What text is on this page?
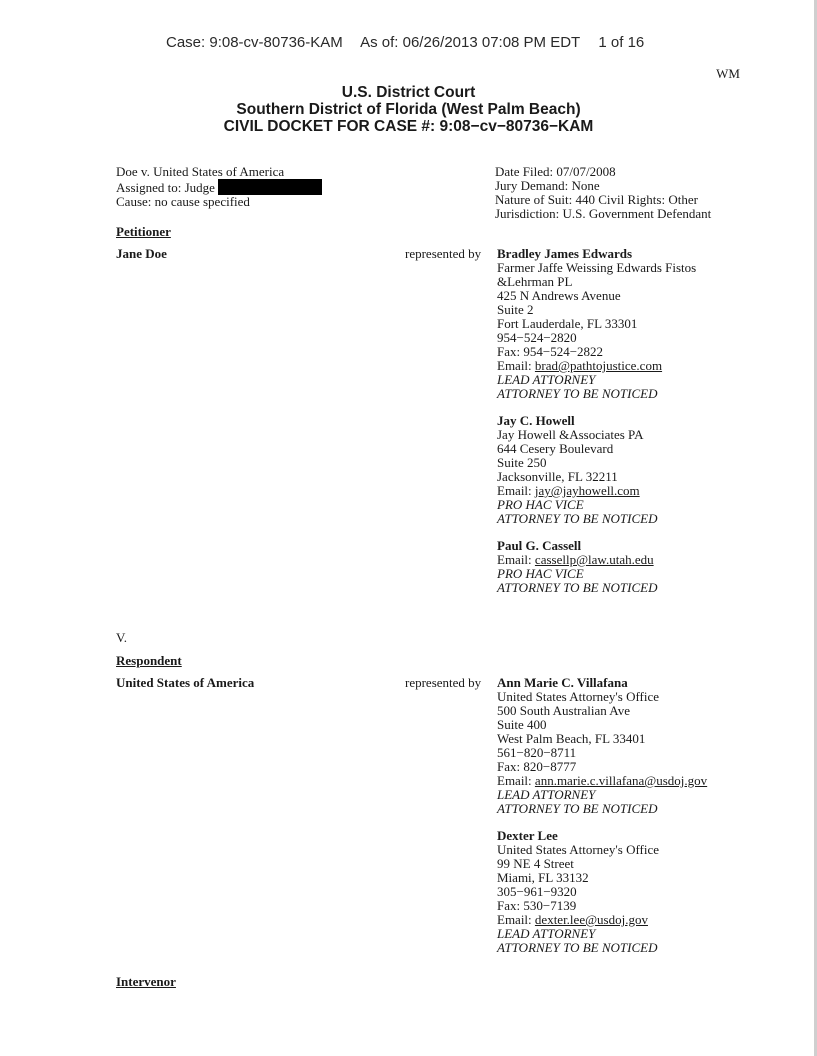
Case: 9:08-cv-80736-KAM As of: 06/26/2013 07:08 PM EDT 1 of 16
WM
U.S. District Court
Southern District of Florida (West Palm Beach)
CIVIL DOCKET FOR CASE #: 9:08−cv−80736−KAM
Doe v. United States of America
Assigned to: Judge
Cause: no cause specified
Date Filed: 07/07/2008
Jury Demand: None
Nature of Suit: 440 Civil Rights: Other
Jurisdiction: U.S. Government Defendant
Petitioner
Jane Doe	represented by Bradley James Edwards
Farmer Jaffe Weissing Edwards Fistos
&Lehrman PL
425 N Andrews Avenue
Suite 2
Fort Lauderdale, FL 33301
954−524−2820
Fax: 954−524−2822
Email: brad@pathtojustice.com
LEAD ATTORNEY
ATTORNEY TO BE NOTICED
Jay C. Howell
Jay Howell &Associates PA
644 Cesery Boulevard
Suite 250
Jacksonville, FL 32211
Email: jay@jayhowell.com
PRO HAC VICE
ATTORNEY TO BE NOTICED
Paul G. Cassell
Email: cassellp@law.utah.edu
PRO HAC VICE
ATTORNEY TO BE NOTICED
V.
Respondent
United States of America	represented by Ann Marie C. Villafana
United States Attorney's Office
500 South Australian Ave
Suite 400
West Palm Beach, FL 33401
561−820−8711
Fax: 820−8777
Email: ann.marie.c.villafana@usdoj.gov
LEAD ATTORNEY
ATTORNEY TO BE NOTICED
Dexter Lee
United States Attorney's Office
99 NE 4 Street
Miami, FL 33132
305−961−9320
Fax: 530−7139
Email: dexter.lee@usdoj.gov
LEAD ATTORNEY
ATTORNEY TO BE NOTICED
Intervenor
